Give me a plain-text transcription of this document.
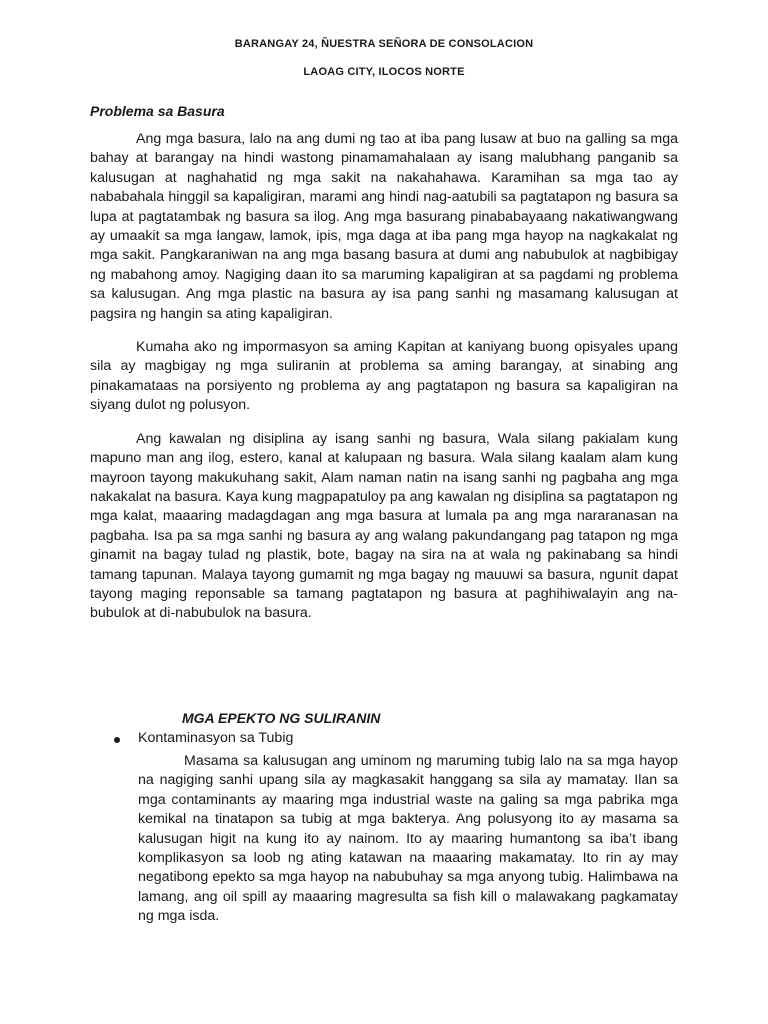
BARANGAY 24, ÑUESTRA SEÑORA DE CONSOLACION
LAOAG CITY, ILOCOS NORTE
Problema sa Basura

Ang mga basura, lalo na ang dumi ng tao at iba pang lusaw at buo na galling sa mga bahay at barangay na hindi wastong pinamamahalaan ay isang malubhang panganib sa kalusugan at naghahatid ng mga sakit na nakahahawa. Karamihan sa mga tao ay nababahala hinggil sa kapaligiran, marami ang hindi nag-aatubili sa pagtatapon ng basura sa lupa at pagtatambak ng basura sa ilog. Ang mga basurang pinababayaang nakatiwangwang ay umaakit sa mga langaw, lamok, ipis, mga daga at iba pang mga hayop na nagkakalat ng mga sakit. Pangkaraniwan na ang mga basang basura at dumi ang nabubulok at nagbibigay ng mabahong amoy. Nagiging daan ito sa maruming kapaligiran at sa pagdami ng problema sa kalusugan. Ang mga plastic na basura ay isa pang sanhi ng masamang kalusugan at pagsira ng hangin sa ating kapaligiran.

Kumaha ako ng impormasyon sa aming Kapitan at kaniyang buong opisyales upang sila ay magbigay ng mga suliranin at problema sa aming barangay, at sinabing ang pinakamataas na porsiyento ng problema ay ang pagtatapon ng basura sa kapaligiran na siyang dulot ng polusyon.

Ang kawalan ng disiplina ay isang sanhi ng basura, Wala silang pakialam kung mapuno man ang ilog, estero, kanal at kalupaan ng basura. Wala silang kaalam alam kung mayroon tayong makukuhang sakit, Alam naman natin na isang sanhi ng pagbaha ang mga nakakalat na basura. Kaya kung magpapatuloy pa ang kawalan ng disiplina sa pagtatapon ng mga kalat, maaaring madagdagan ang mga basura at lumala pa ang mga nararanasan na pagbaha. Isa pa sa mga sanhi ng basura ay ang walang pakundangang pag tatapon ng mga ginamit na bagay tulad ng plastik, bote, bagay na sira na at wala ng pakinabang sa hindi tamang tapunan. Malaya tayong gumamit ng mga bagay ng mauuwi sa basura, ngunit dapat tayong maging reponsable sa tamang pagtatapon ng basura at paghihiwalayin ang na- bubulok at di-nabubulok na basura.

MGA EPEKTO NG SULIRANIN
Kontaminasyon sa Tubig
Masama sa kalusugan ang uminom ng maruming tubig lalo na sa mga hayop na nagiging sanhi upang sila ay magkasakit hanggang sa sila ay mamatay. Ilan sa mga contaminants ay maaring mga industrial waste na galing sa mga pabrika mga kemikal na tinatapon sa tubig at mga bakterya. Ang polusyong ito ay masama sa kalusugan higit na kung ito ay nainom. Ito ay maaring humantong sa iba’t ibang komplikasyon sa loob ng ating katawan na maaaring makamatay. Ito rin ay may negatibong epekto sa mga hayop na nabubuhay sa mga anyong tubig. Halimbawa na lamang, ang oil spill ay maaaring magresulta sa fish kill o malawakang pagkamatay ng mga isda.
